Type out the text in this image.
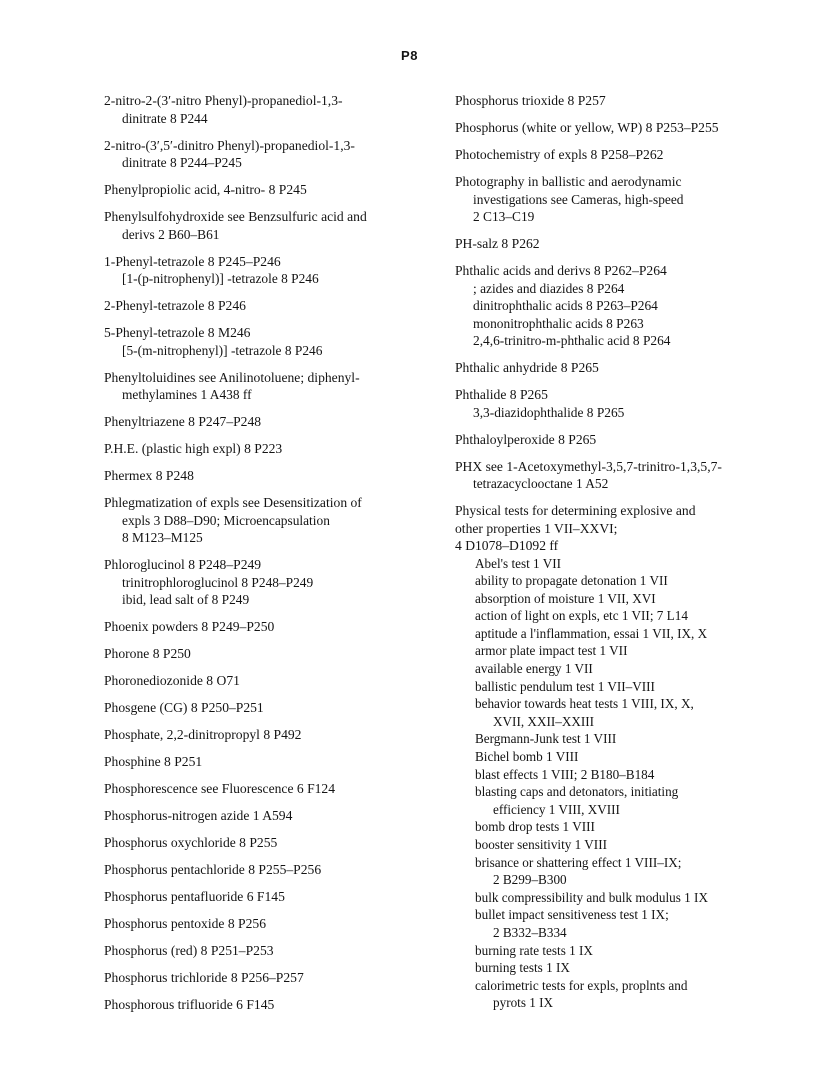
P8
2-nitro-2-(3′-nitro Phenyl)-propanediol-1,3-
dinitrate 8 P244
2-nitro-(3′,5′-dinitro Phenyl)-propanediol-1,3-
dinitrate 8 P244–P245
Phenylpropiolic acid, 4-nitro- 8 P245
Phenylsulfohydroxide see Benzsulfuric acid and
derivs 2 B60–B61
1-Phenyl-tetrazole 8 P245–P246
[1-(p-nitrophenyl)] -tetrazole 8 P246
2-Phenyl-tetrazole 8 P246
5-Phenyl-tetrazole 8 M246
[5-(m-nitrophenyl)] -tetrazole 8 P246
Phenyltoluidines see Anilinotoluene; diphenyl-
methylamines 1 A438 ff
Phenyltriazene 8 P247–P248
P.H.E. (plastic high expl) 8 P223
Phermex 8 P248
Phlegmatization of expls see Desensitization of
expls 3 D88–D90; Microencapsulation
8 M123–M125
Phloroglucinol 8 P248–P249
trinitrophloroglucinol 8 P248–P249
ibid, lead salt of 8 P249
Phoenix powders 8 P249–P250
Phorone 8 P250
Phoronediozonide 8 O71
Phosgene (CG) 8 P250–P251
Phosphate, 2,2-dinitropropyl 8 P492
Phosphine 8 P251
Phosphorescence see Fluorescence 6 F124
Phosphorus-nitrogen azide 1 A594
Phosphorus oxychloride 8 P255
Phosphorus pentachloride 8 P255–P256
Phosphorus pentafluoride 6 F145
Phosphorus pentoxide 8 P256
Phosphorus (red) 8 P251–P253
Phosphorus trichloride 8 P256–P257
Phosphorous trifluoride 6 F145
Phosphorus trioxide 8 P257
Phosphorus (white or yellow, WP) 8 P253–P255
Photochemistry of expls 8 P258–P262
Photography in ballistic and aerodynamic
investigations see Cameras, high-speed
2 C13–C19
PH-salz 8 P262
Phthalic acids and derivs 8 P262–P264
; azides and diazides 8 P264
dinitrophthalic acids 8 P263–P264
mononitrophthalic acids 8 P263
2,4,6-trinitro-m-phthalic acid 8 P264
Phthalic anhydride 8 P265
Phthalide 8 P265
3,3-diazidophthalide 8 P265
Phthaloylperoxide 8 P265
PHX see 1-Acetoxymethyl-3,5,7-trinitro-1,3,5,7-
tetrazacyclooctane 1 A52
Physical tests for determining explosive and
other properties 1 VII–XXVI;
4 D1078–D1092 ff
Abel's test 1 VII
ability to propagate detonation 1 VII
absorption of moisture 1 VII, XVI
action of light on expls, etc 1 VII; 7 L14
aptitude a l'inflammation, essai 1 VII, IX, X
armor plate impact test 1 VII
available energy 1 VII
ballistic pendulum test 1 VII–VIII
behavior towards heat tests 1 VIII, IX, X,
XVII, XXII–XXIII
Bergmann-Junk test 1 VIII
Bichel bomb 1 VIII
blast effects 1 VIII; 2 B180–B184
blasting caps and detonators, initiating
efficiency 1 VIII, XVIII
bomb drop tests 1 VIII
booster sensitivity 1 VIII
brisance or shattering effect 1 VIII–IX;
2 B299–B300
bulk compressibility and bulk modulus 1 IX
bullet impact sensitiveness test 1 IX;
2 B332–B334
burning rate tests 1 IX
burning tests 1 IX
calorimetric tests for expls, proplnts and
pyrots 1 IX
